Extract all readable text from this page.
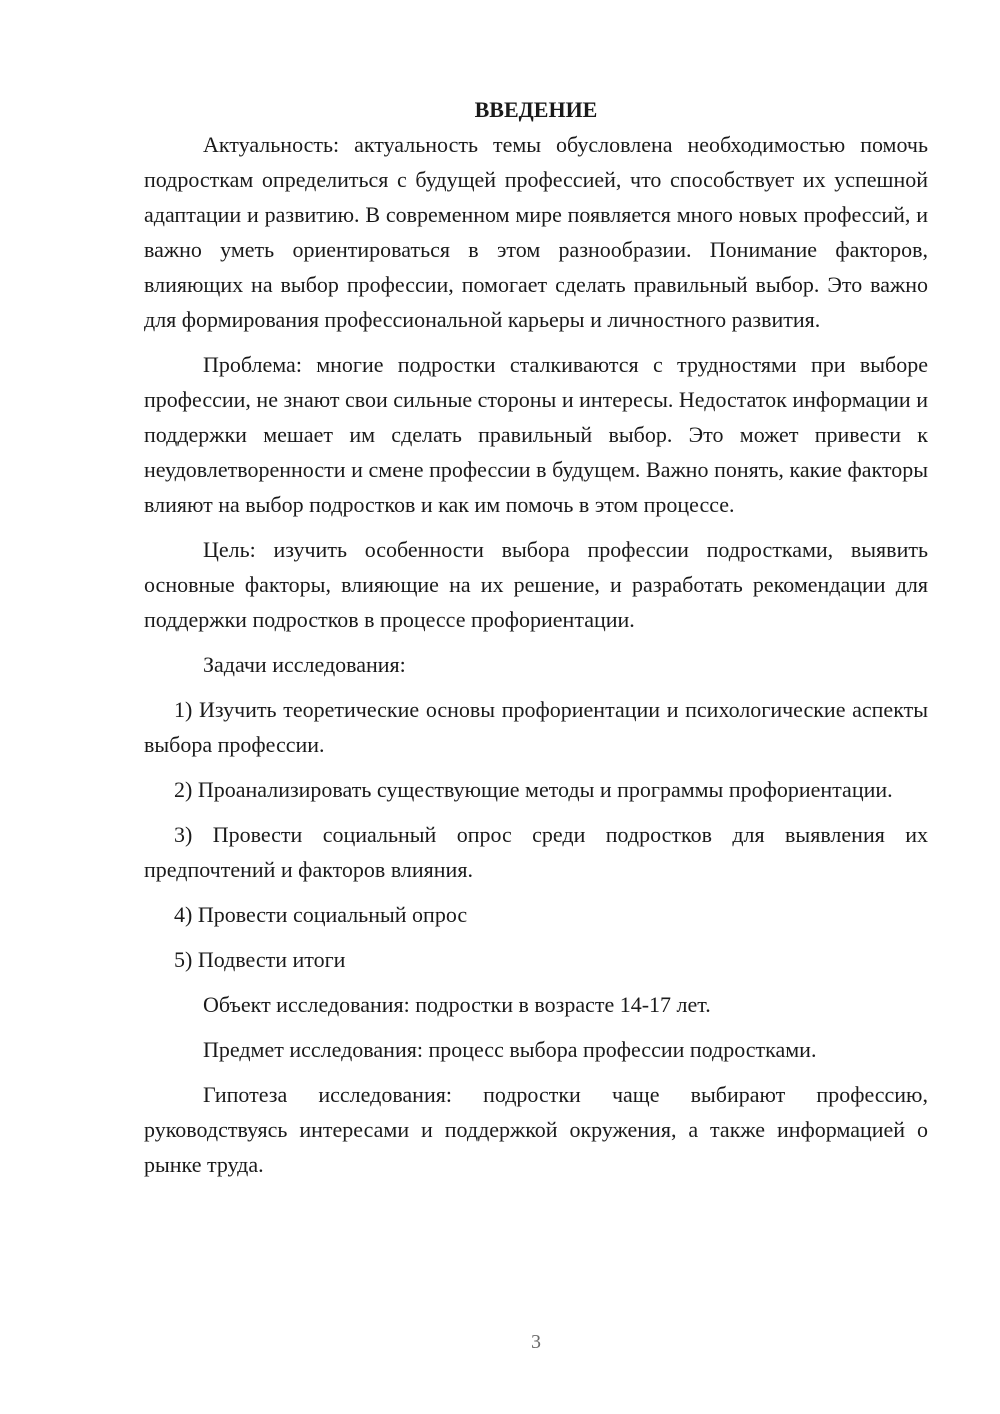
ВВЕДЕНИЕ

Актуальность: актуальность темы обусловлена необходимостью помочь подросткам определиться с будущей профессией, что способствует их успешной адаптации и развитию. В современном мире появляется много новых профессий, и важно уметь ориентироваться в этом разнообразии. Понимание факторов, влияющих на выбор профессии, помогает сделать правильный выбор. Это важно для формирования профессиональной карьеры и личностного развития.

Проблема: многие подростки сталкиваются с трудностями при выборе профессии, не знают свои сильные стороны и интересы. Недостаток информации и поддержки мешает им сделать правильный выбор. Это может привести к неудовлетворенности и смене профессии в будущем. Важно понять, какие факторы влияют на выбор подростков и как им помочь в этом процессе.

Цель: изучить особенности выбора профессии подростками, выявить основные факторы, влияющие на их решение, и разработать рекомендации для поддержки подростков в процессе профориентации.

Задачи исследования:

1) Изучить теоретические основы профориентации и психологические аспекты выбора профессии.

2) Проанализировать существующие методы и программы профориентации.

3) Провести социальный опрос среди подростков для выявления их предпочтений и факторов влияния.

4) Провести социальный опрос

5) Подвести итоги

Объект исследования: подростки в возрасте 14-17 лет.

Предмет исследования: процесс выбора профессии подростками.

Гипотеза исследования: подростки чаще выбирают профессию, руководствуясь интересами и поддержкой окружения, а также информацией о рынке труда.

3
